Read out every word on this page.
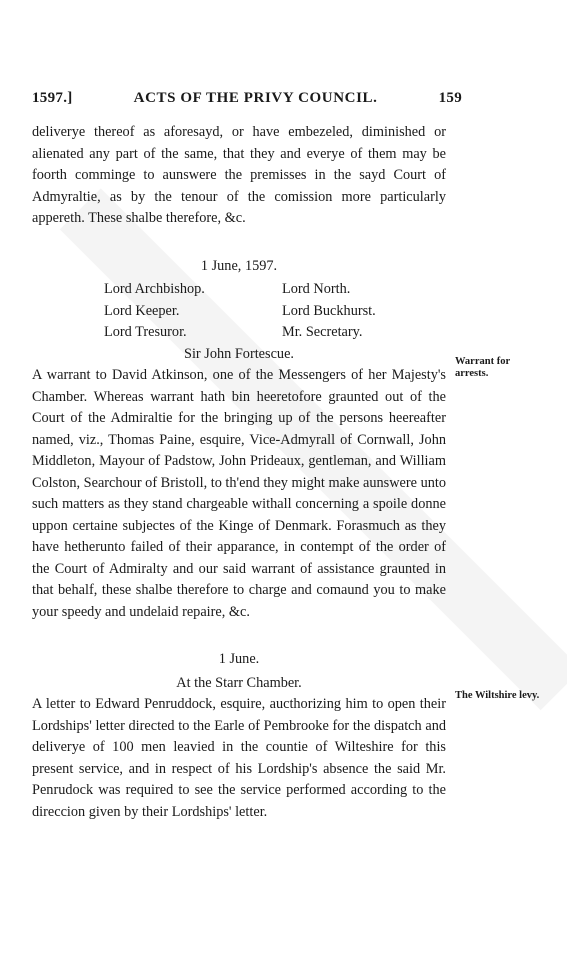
1597.]	ACTS OF THE PRIVY COUNCIL.	159

deliverye thereof as aforesayd, or have embezeled, diminished or alienated any part of the same, that they and everye of them may be foorth comminge to aunswere the premisses in the sayd Court of Admyraltie, as by the tenour of the comission more particularly appereth. These shalbe therefore, &c.

1 June, 1597.
Lord Archbishop.	Lord North.
Lord Keeper.	Lord Buckhurst.
Lord Tresuror.	Mr. Secretary.
Sir John Fortescue.

A warrant to David Atkinson, one of the Messengers of her Majesty's Chamber. Whereas warrant hath bin heeretofore graunted out of the Court of the Admiraltie for the bringing up of the persons heereafter named, viz., Thomas Paine, esquire, Vice-Admyrall of Cornwall, John Middleton, Mayour of Padstow, John Prideaux, gentleman, and William Colston, Searchour of Bristoll, to th'end they might make aunswere unto such matters as they stand chargeable withall concerning a spoile donne uppon certaine subjectes of the Kinge of Denmark. Forasmuch as they have hetherunto failed of their apparance, in contempt of the order of the Court of Admiralty and our said warrant of assistance graunted in that behalf, these shalbe therefore to charge and comaund you to make your speedy and undelaid repaire, &c.

1 June.
At the Starr Chamber.

A letter to Edward Penruddock, esquire, aucthorizing him to open their Lordships' letter directed to the Earle of Pembrooke for the dispatch and deliverye of 100 men leavied in the countie of Wilteshire for this present service, and in respect of his Lordship's absence the said Mr. Penrudock was required to see the service performed according to the direccion given by their Lordships' letter.

Warrant for arrests.
The Wiltshire levy.
